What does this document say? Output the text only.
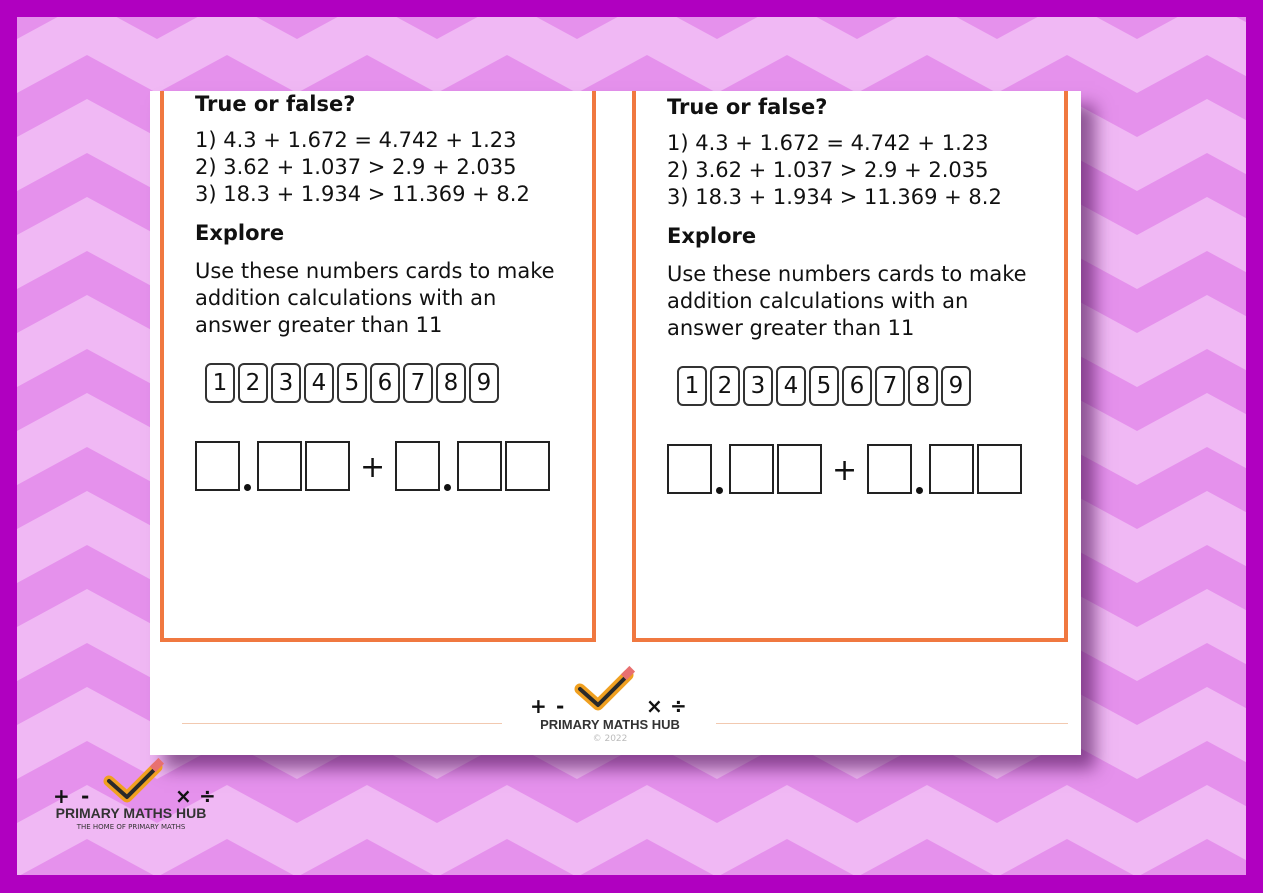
True or false?
1) 4.3 + 1.672 = 4.742 + 1.23
2) 3.62 + 1.037 > 2.9 + 2.035
3) 18.3 + 1.934 > 11.369 + 8.2
Explore
Use these numbers cards to make addition calculations with an answer greater than 11
1 2 3 4 5 6 7 8 9
+
True or false?
1) 4.3 + 1.672 = 4.742 + 1.23
2) 3.62 + 1.037 > 2.9 + 2.035
3) 18.3 + 1.934 > 11.369 + 8.2
Explore
Use these numbers cards to make addition calculations with an answer greater than 11
1 2 3 4 5 6 7 8 9
+
+ -	× ÷
PRIMARY MATHS HUB
© 2022
+ -	× ÷
PRIMARY MATHS HUB
THE HOME OF PRIMARY MATHS
